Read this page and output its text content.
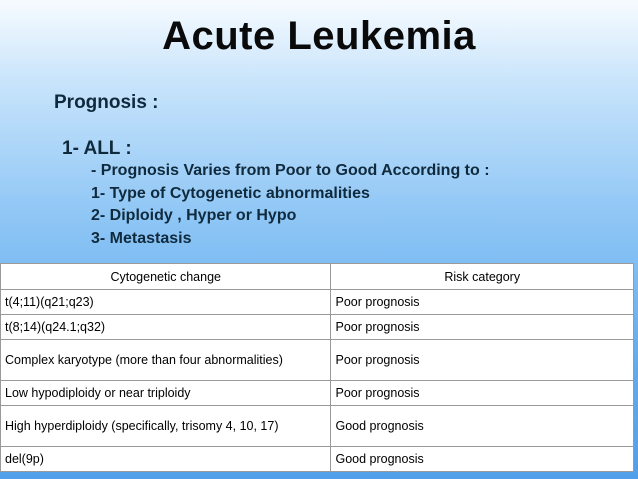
Acute Leukemia
Prognosis :
1- ALL :
- Prognosis Varies from Poor to Good According to :
1- Type of Cytogenetic abnormalities
2- Diploidy , Hyper or Hypo
3- Metastasis
Cytogenetic change	Risk category
t(4;11)(q21;q23)	Poor prognosis
t(8;14)(q24.1;q32)	Poor prognosis
Complex karyotype (more than four abnormalities)	Poor prognosis
Low hypodiploidy or near triploidy	Poor prognosis
High hyperdiploidy (specifically, trisomy 4, 10, 17)	Good prognosis
del(9p)	Good prognosis
